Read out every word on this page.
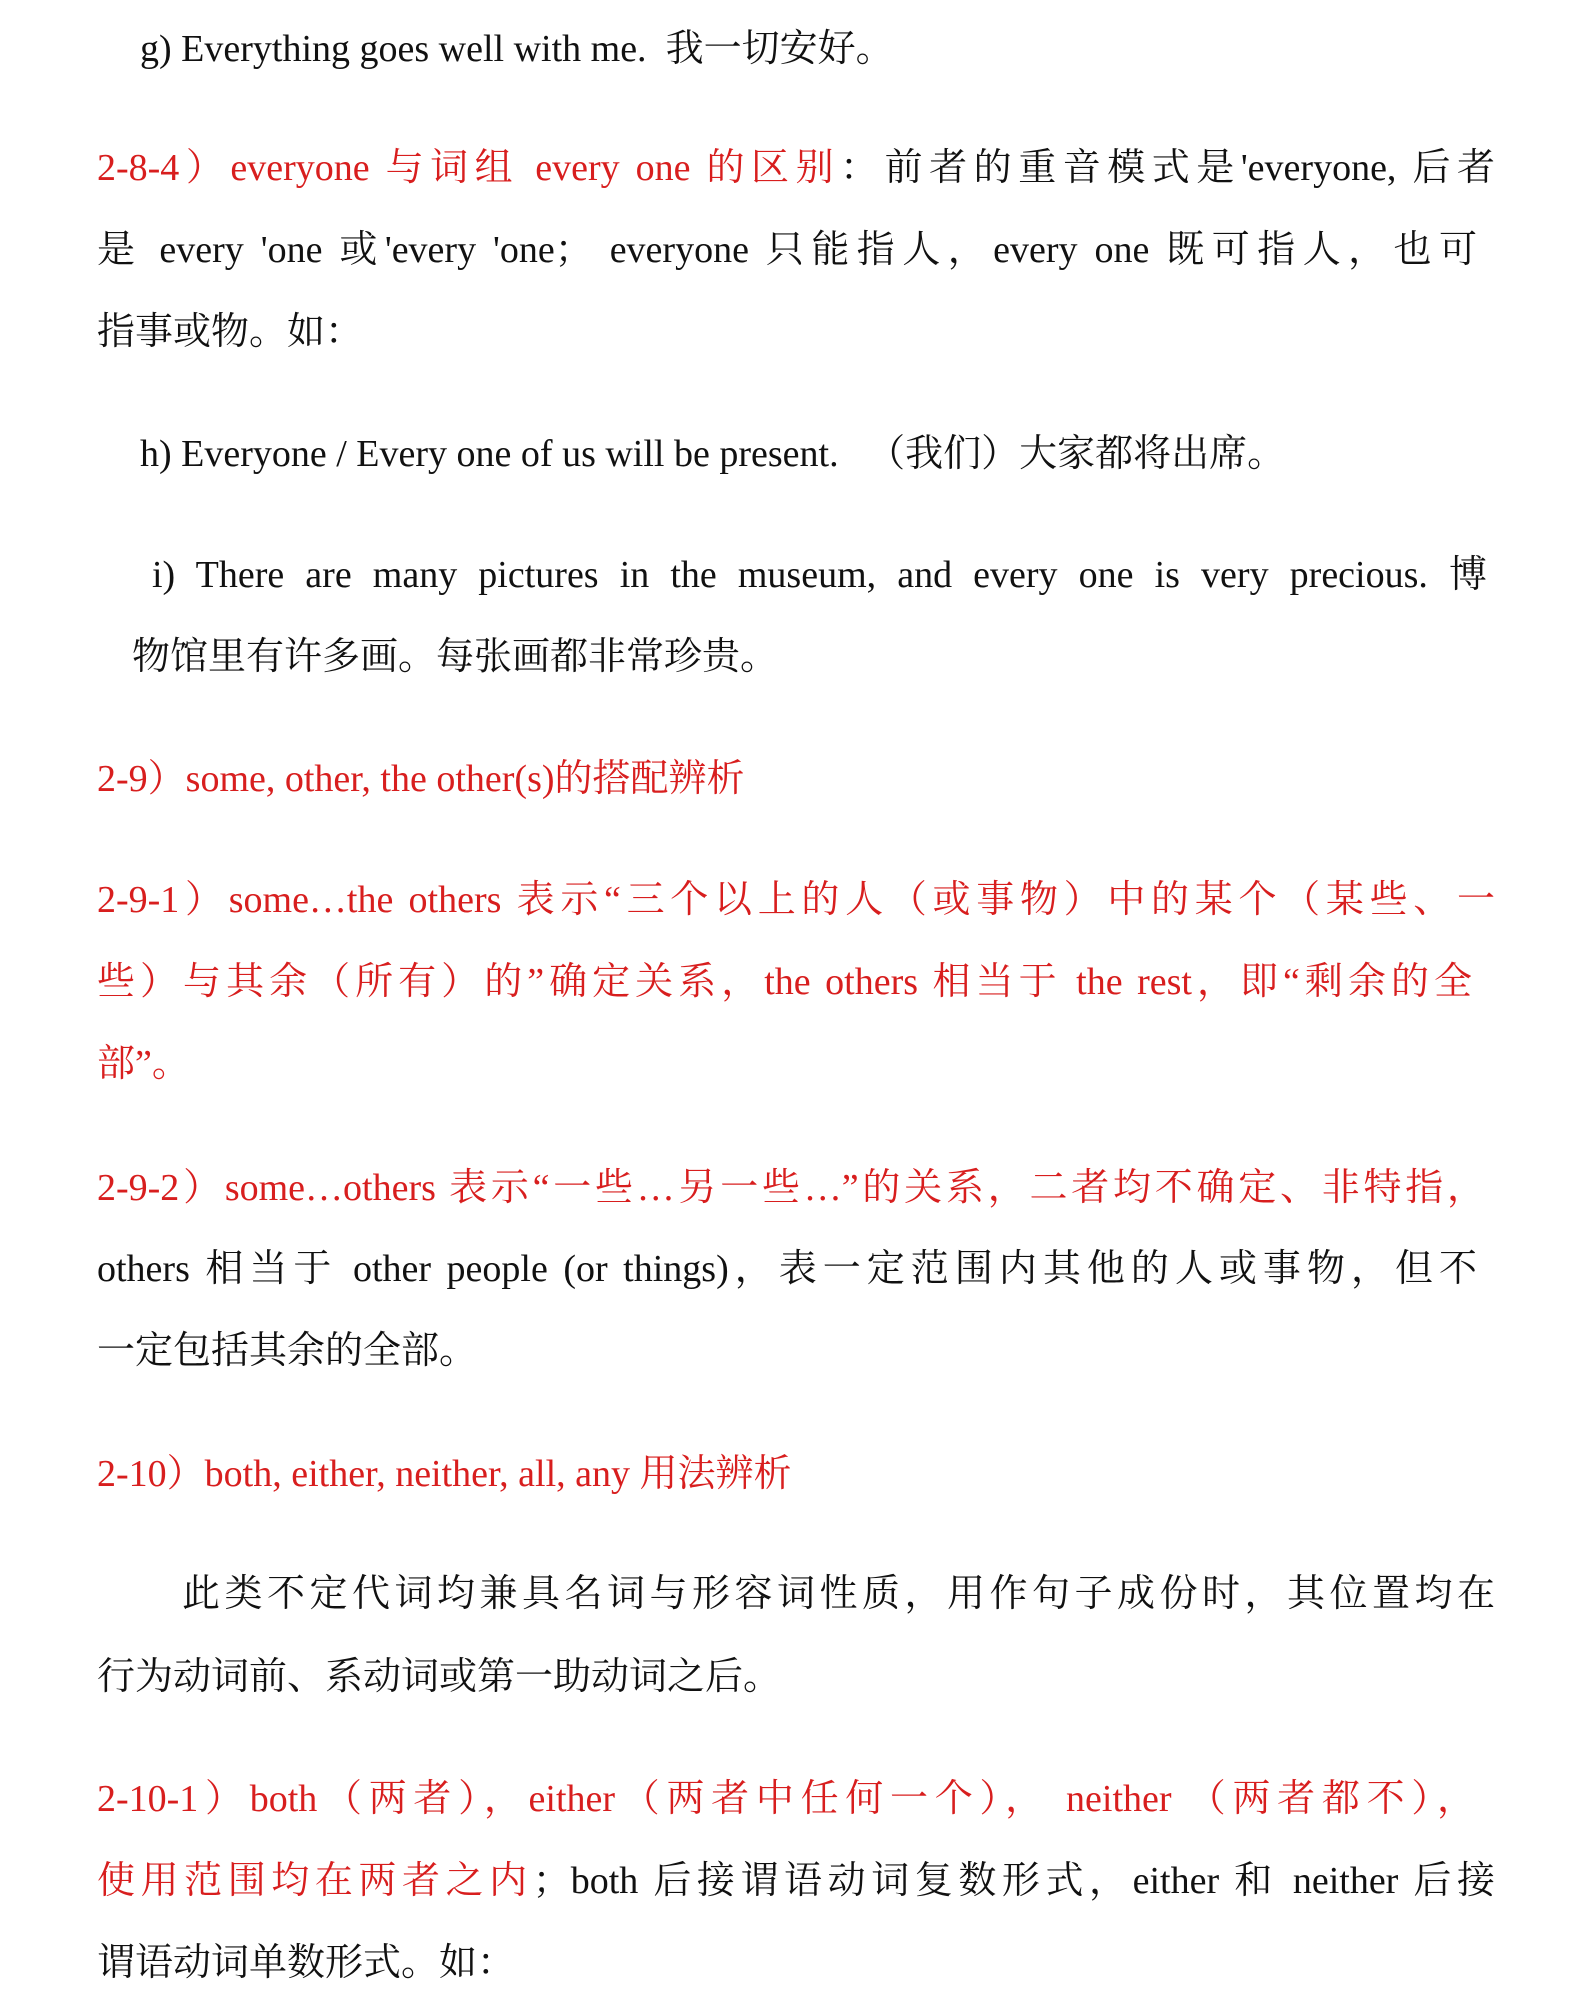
g) Everything goes well with me. 我一切安好。
2-8-4）everyone 与词组 every one 的区别：前者的重音模式是'everyone, 后者
是 every 'one 或'every 'one； everyone 只能指人，every one 既可指人，也可
指事或物。如：
h) Everyone / Every one of us will be present. （我们）大家都将出席。
i) There are many pictures in the museum, and every one is very precious. 博
物馆里有许多画。每张画都非常珍贵。
2-9）some, other, the other(s)的搭配辨析
2-9-1）some…the others 表示“三个以上的人（或事物）中的某个（某些、一
些）与其余（所有）的”确定关系，the others 相当于 the rest，即“剩余的全
部”。
2-9-2）some…others 表示“一些…另一些…”的关系，二者均不确定、非特指，
others 相当于 other people (or things)，表一定范围内其他的人或事物，但不
一定包括其余的全部。
2-10）both, either, neither, all, any 用法辨析
此类不定代词均兼具名词与形容词性质，用作句子成份时，其位置均在
行为动词前、系动词或第一助动词之后。
2-10-1）both（两者），either（两者中任何一个）， neither （两者都不），
使用范围均在两者之内；both 后接谓语动词复数形式，either 和 neither 后接
谓语动词单数形式。如：
